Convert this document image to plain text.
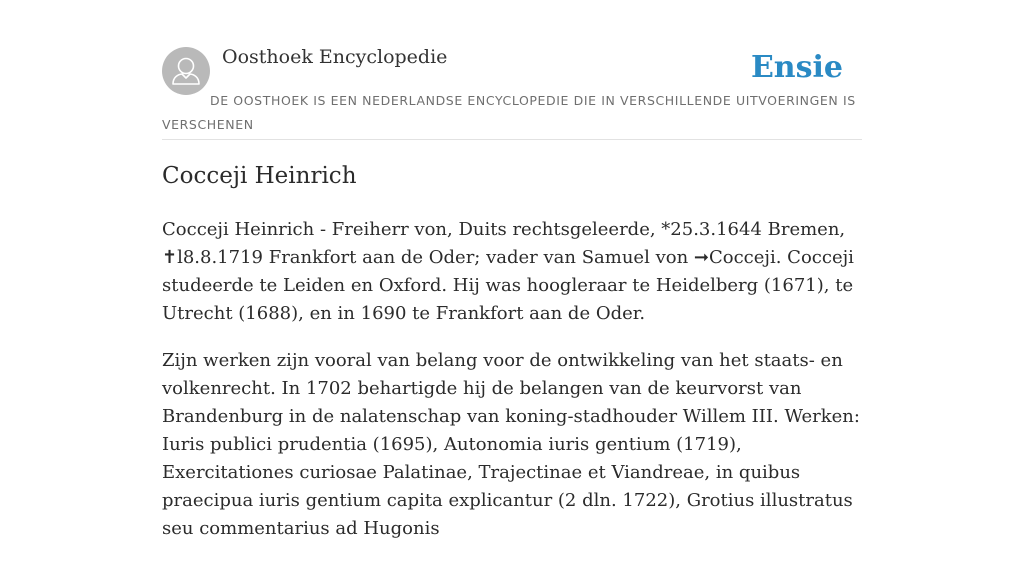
Oosthoek Encyclopedie	Ensie
DE OOSTHOEK IS EEN NEDERLANDSE ENCYCLOPEDIE DIE IN VERSCHILLENDE UITVOERINGEN IS VERSCHENEN
Cocceji Heinrich

Cocceji Heinrich - Freiherr von, Duits rechtsgeleerde, *25.3.1644 Bremen, ✝l8.8.1719 Frankfort aan de Oder; vader van Samuel von ➞Cocceji. Cocceji studeerde te Leiden en Oxford. Hij was hoogleraar te Heidelberg (1671), te Utrecht (1688), en in 1690 te Frankfort aan de Oder.

Zijn werken zijn vooral van belang voor de ontwikkeling van het staats- en volkenrecht. In 1702 behartigde hij de belangen van de keurvorst van Brandenburg in de nalatenschap van koning-stadhouder Willem III. Werken: Iuris publici prudentia (1695), Autonomia iuris gentium (1719), Exercitationes curiosae Palatinae, Trajectinae et Viandreae, in quibus praecipua iuris gentium capita explicantur (2 dln. 1722), Grotius illustratus seu commentarius ad Hugonis
